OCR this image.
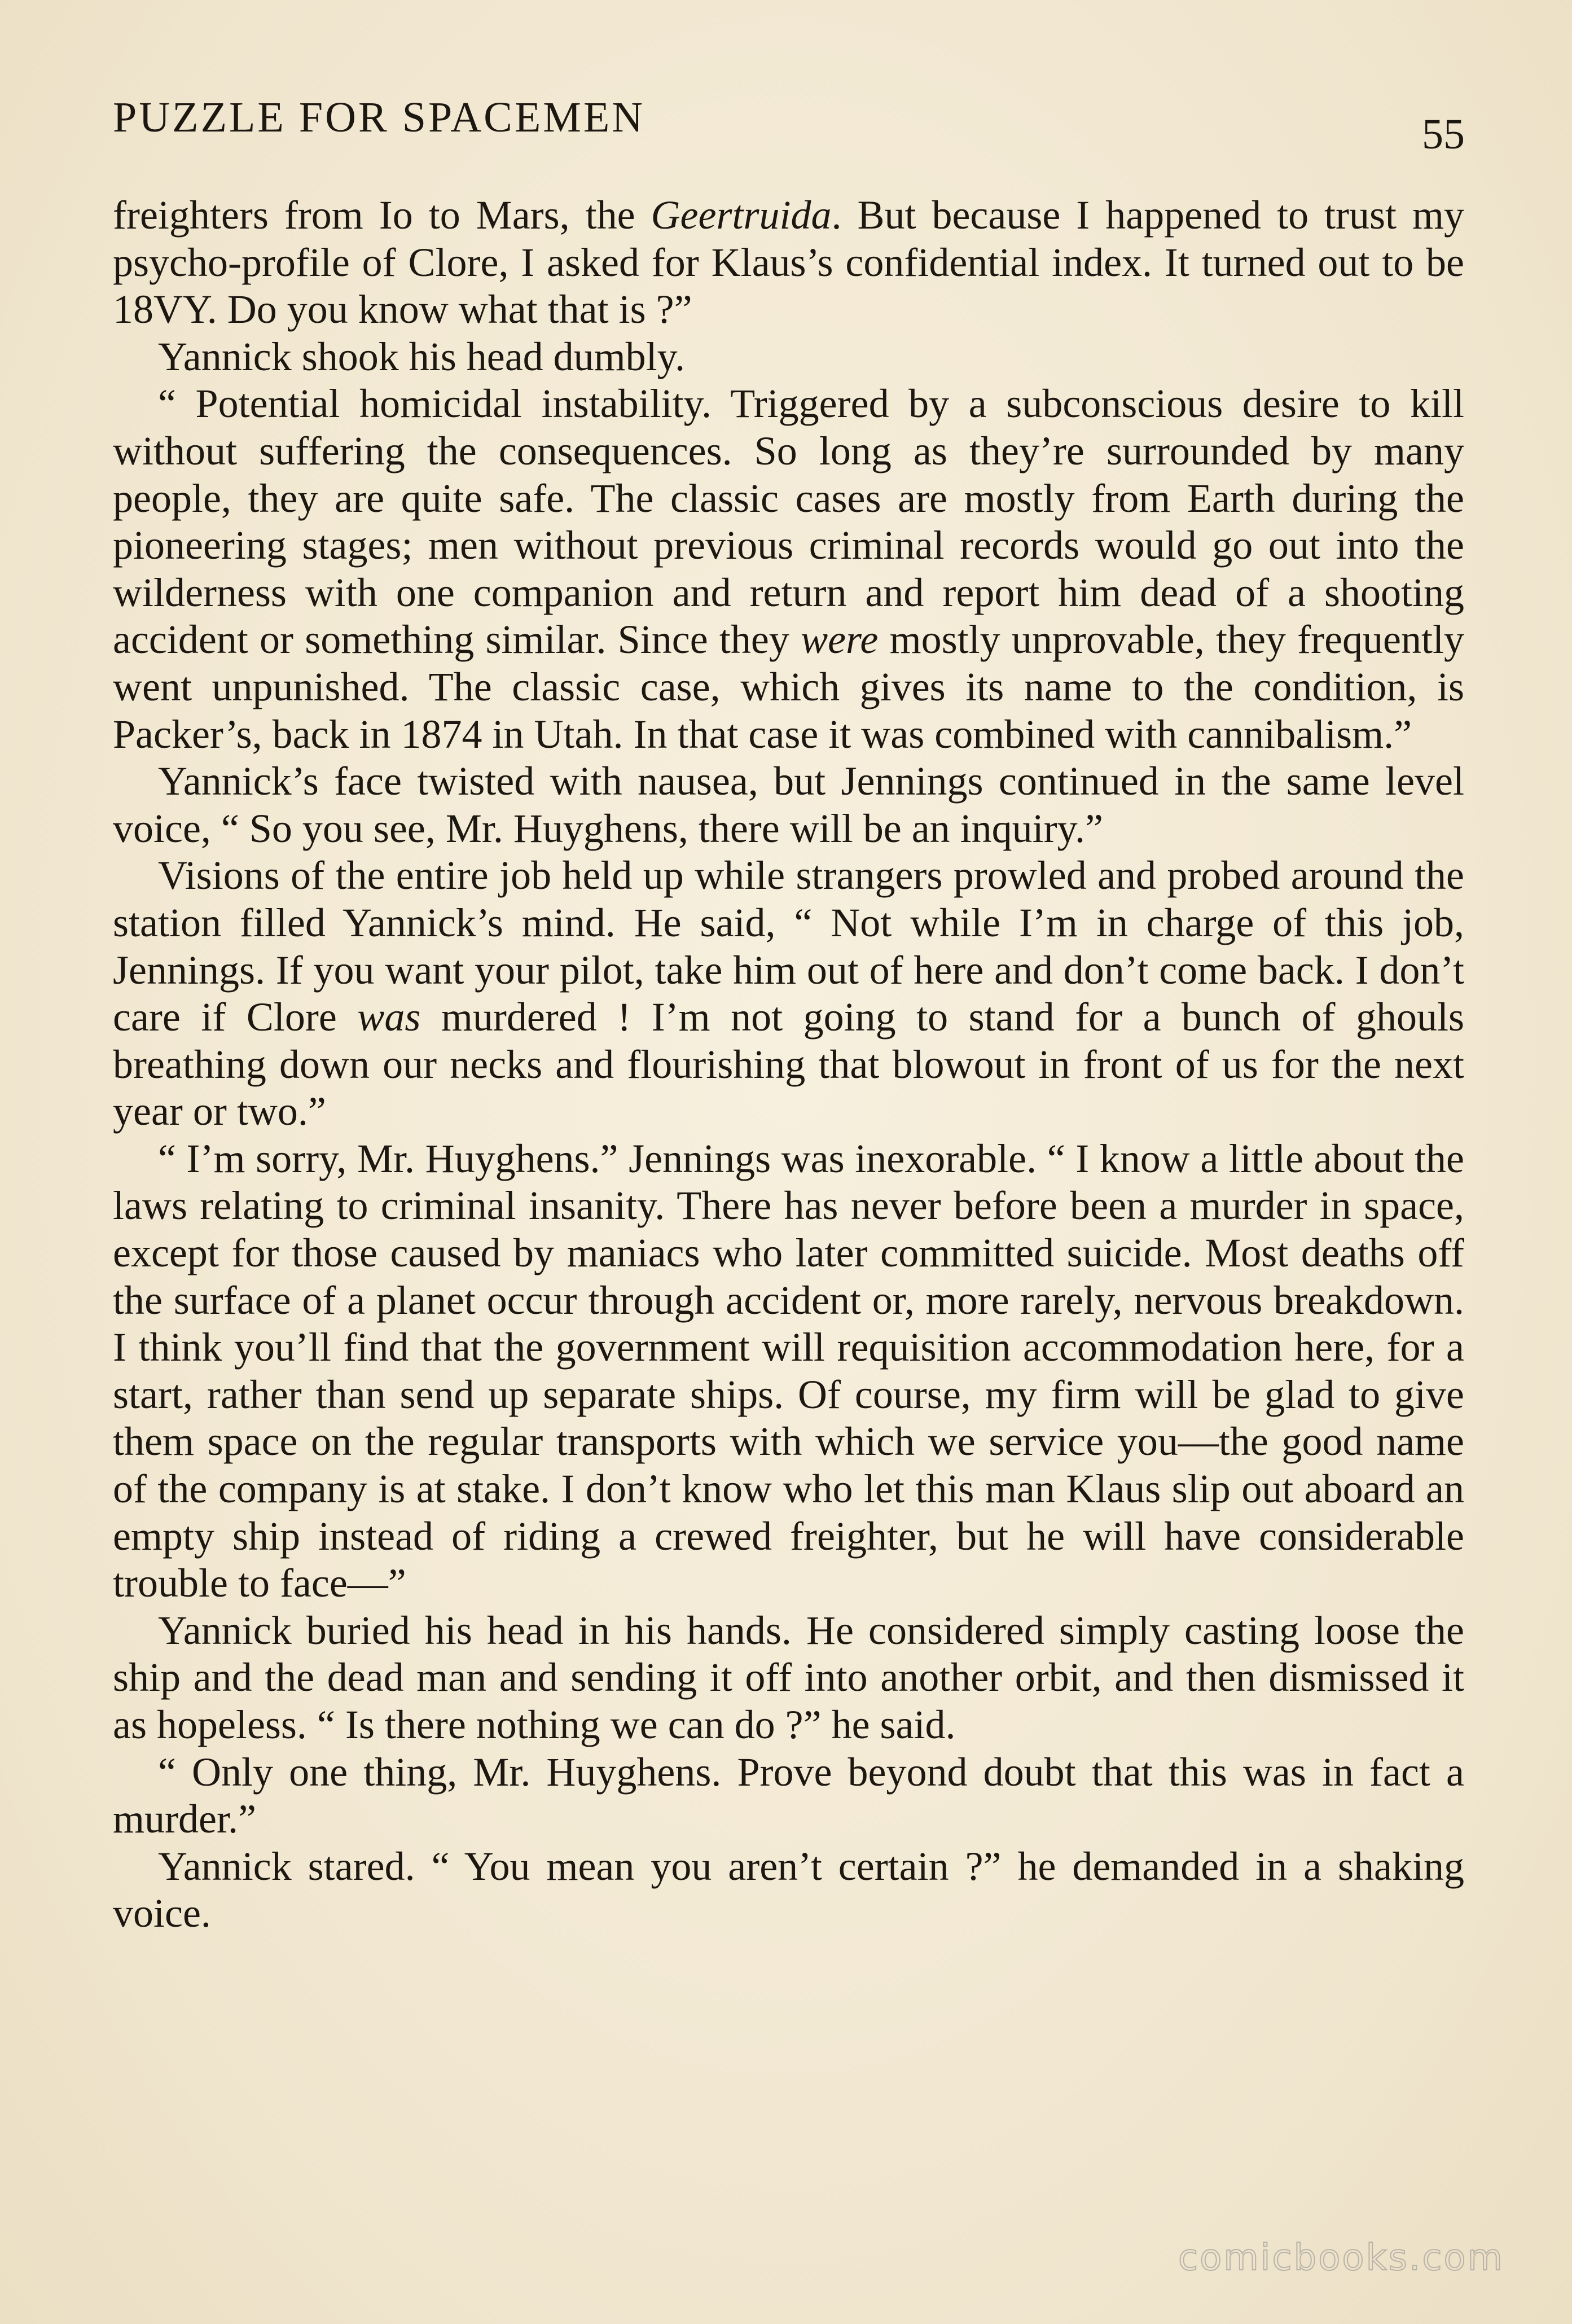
PUZZLE FOR SPACEMEN	55

freighters from Io to Mars, the Geertruida. But because I happened to trust my psycho-profile of Clore, I asked for Klaus’s confidential index. It turned out to be 18VY. Do you know what that is ?”

Yannick shook his head dumbly.

“ Potential homicidal instability. Triggered by a subconscious desire to kill without suffering the consequences. So long as they’re surrounded by many people, they are quite safe. The classic cases are mostly from Earth during the pioneering stages; men without previous criminal records would go out into the wilderness with one companion and return and report him dead of a shooting accident or something similar. Since they were mostly unprovable, they frequently went unpunished. The classic case, which gives its name to the condition, is Packer’s, back in 1874 in Utah. In that case it was combined with cannibalism.”

Yannick’s face twisted with nausea, but Jennings continued in the same level voice, “ So you see, Mr. Huyghens, there will be an inquiry.”

Visions of the entire job held up while strangers prowled and probed around the station filled Yannick’s mind. He said, “ Not while I’m in charge of this job, Jennings. If you want your pilot, take him out of here and don’t come back. I don’t care if Clore was murdered ! I’m not going to stand for a bunch of ghouls breathing down our necks and flourishing that blowout in front of us for the next year or two.”

“ I’m sorry, Mr. Huyghens.” Jennings was inexorable. “ I know a little about the laws relating to criminal insanity. There has never before been a murder in space, except for those caused by maniacs who later committed suicide. Most deaths off the surface of a planet occur through accident or, more rarely, nervous breakdown. I think you’ll find that the government will requisition accommodation here, for a start, rather than send up separate ships. Of course, my firm will be glad to give them space on the regular transports with which we service you—the good name of the company is at stake. I don’t know who let this man Klaus slip out aboard an empty ship instead of riding a crewed freighter, but he will have considerable trouble to face—”

Yannick buried his head in his hands. He considered simply casting loose the ship and the dead man and sending it off into another orbit, and then dismissed it as hopeless. “ Is there nothing we can do ?” he said.

“ Only one thing, Mr. Huyghens. Prove beyond doubt that this was in fact a murder.”

Yannick stared. “ You mean you aren’t certain ?” he demanded in a shaking voice.

comicbooks.com
